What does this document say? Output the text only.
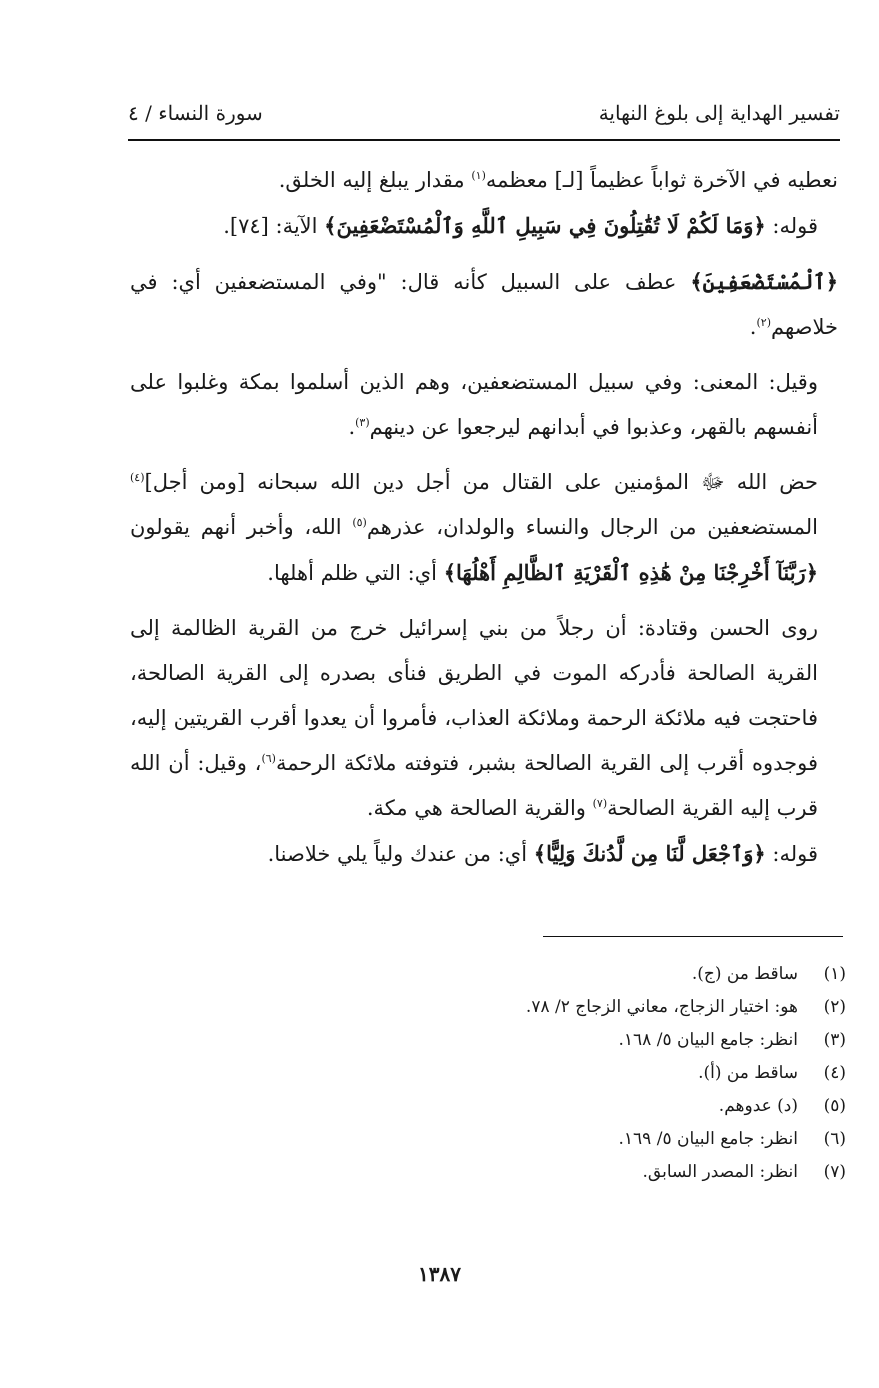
تفسير الهداية إلى بلوغ النهاية
سورة النساء / ٤

نعطيه في الآخرة ثواباً عظيماً [لـ] معظمه$^{(١)}$ مقدار يبلغ إليه الخلق.

قوله: ﴿وَمَا لَكُمْ لَا تُقَٰتِلُونَ فِي سَبِيلِ ٱللَّهِ وَٱلْمُسْتَضْعَفِينَ﴾ الآية: [٧٤].

﴿ٱلْمُسْتَضْعَفِينَ﴾ عطف على السبيل كأنه قال: "وفي المستضعفين أي: في خلاصهم$^{(٢)}$.

وقيل: المعنى: وفي سبيل المستضعفين، وهم الذين أسلموا بمكة وغلبوا على أنفسهم بالقهر، وعذبوا في أبدانهم ليرجعوا عن دينهم$^{(٣)}$.

حض الله ﷻ المؤمنين على القتال من أجل دين الله سبحانه [ومن أجل]$^{(٤)}$ المستضعفين من الرجال والنساء والولدان، عذرهم$^{(٥)}$ الله، وأخبر أنهم يقولون ﴿رَبَّنَآ أَخْرِجْنَا مِنْ هَٰذِهِ ٱلْقَرْيَةِ ٱلظَّالِمِ أَهْلُهَا﴾ أي: التي ظلم أهلها.

روى الحسن وقتادة: أن رجلاً من بني إسرائيل خرج من القرية الظالمة إلى القرية الصالحة فأدركه الموت في الطريق فنأى بصدره إلى القرية الصالحة، فاحتجت فيه ملائكة الرحمة وملائكة العذاب، فأمروا أن يعدوا أقرب القريتين إليه، فوجدوه أقرب إلى القرية الصالحة بشبر، فتوفته ملائكة الرحمة$^{(٦)}$، وقيل: أن الله قرب إليه القرية الصالحة$^{(٧)}$ والقرية الصالحة هي مكة.

قوله: ﴿وَٱجْعَل لَّنَا مِن لَّدُنكَ وَلِيًّا﴾ أي: من عندك ولياً يلي خلاصنا.

(١)ساقط من (ج).
(٢)هو: اختيار الزجاج، معاني الزجاج ٢/ ٧٨.
(٣)انظر: جامع البيان ٥/ ١٦٨.
(٤)ساقط من (أ).
(٥)(د) عدوهم.
(٦)انظر: جامع البيان ٥/ ١٦٩.
(٧)انظر: المصدر السابق.
١٣٨٧
